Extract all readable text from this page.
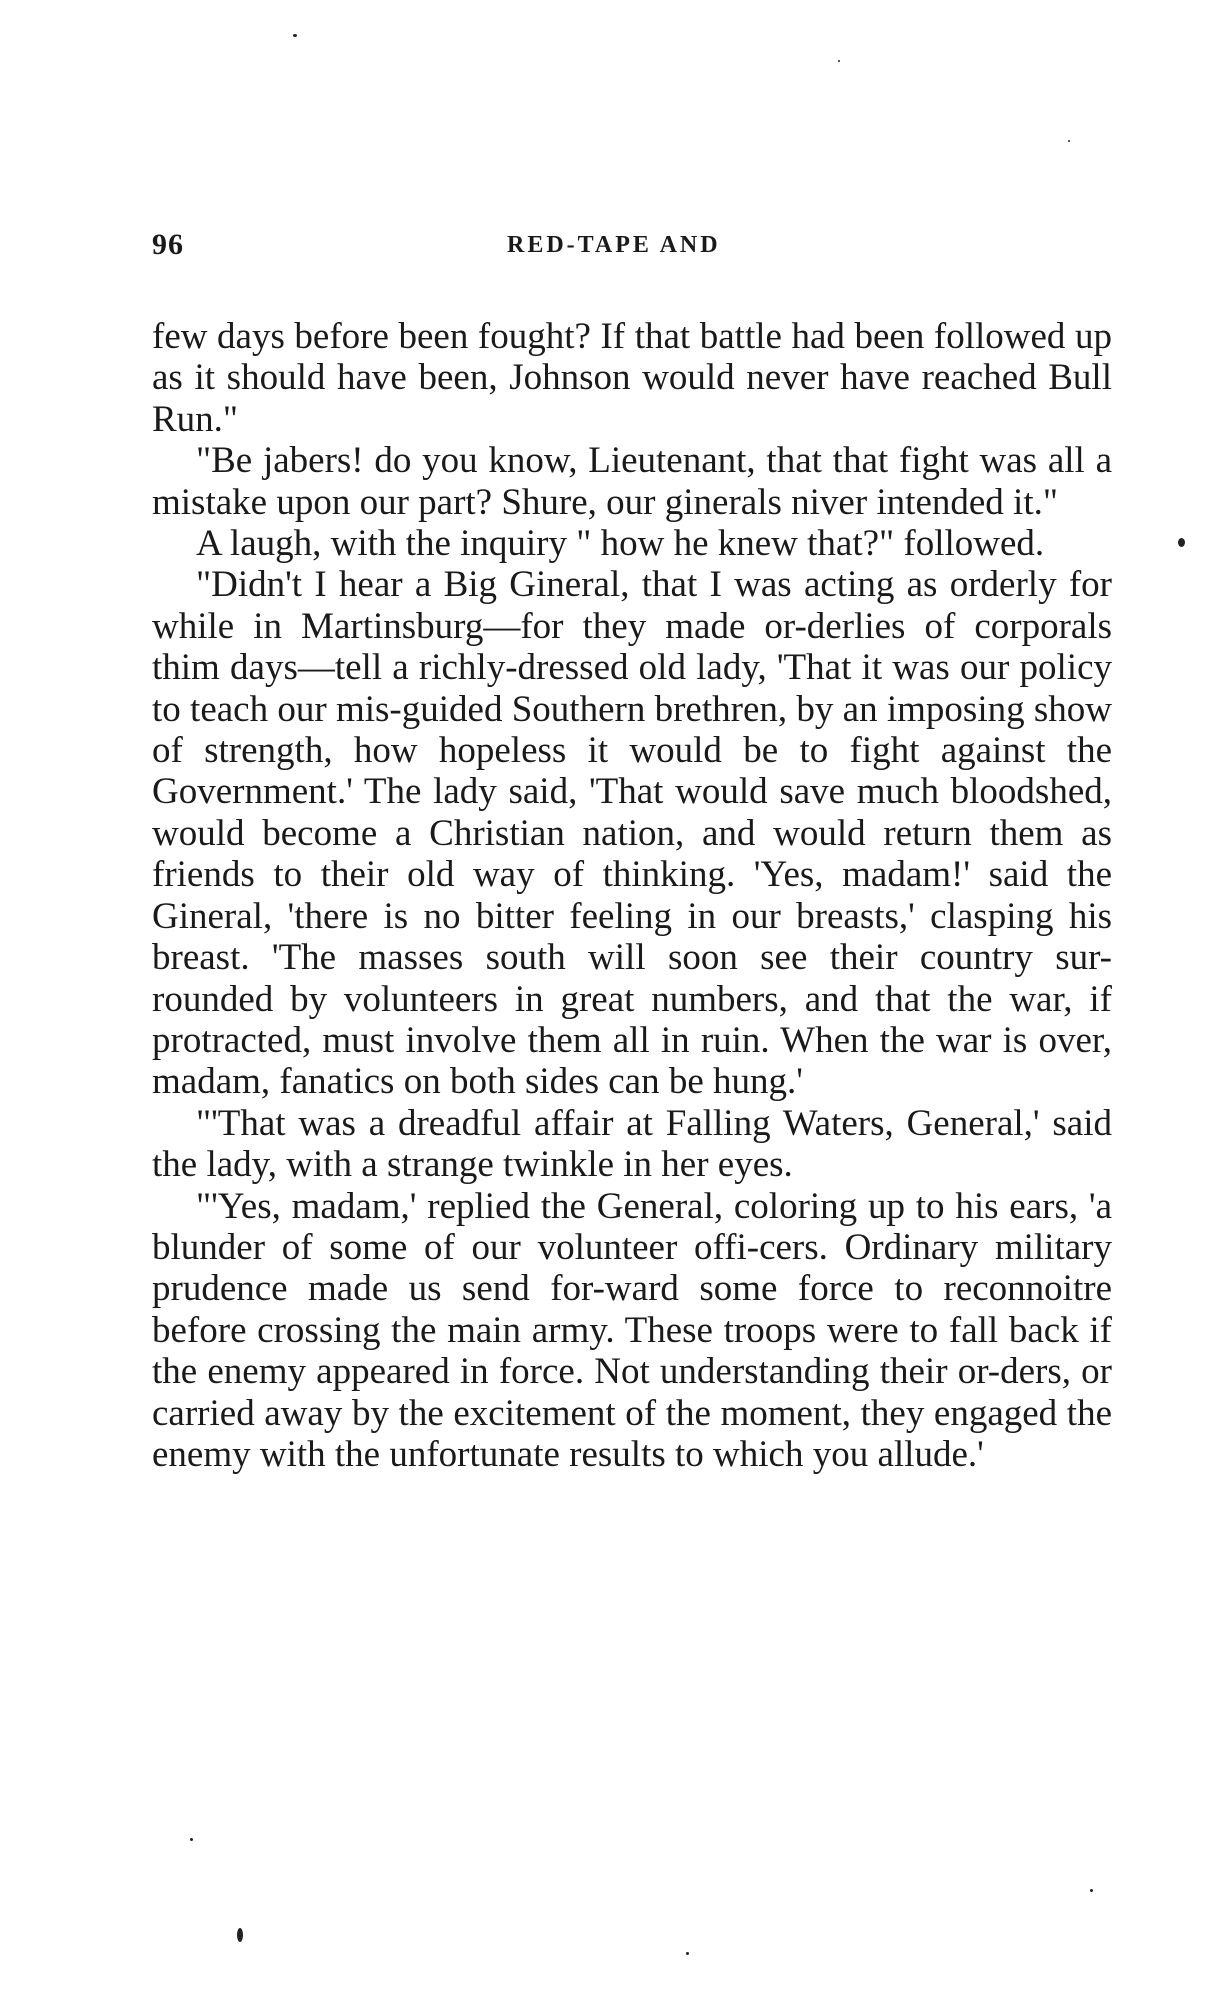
96	RED-TAPE AND

few days before been fought? If that battle had been followed up as it should have been, Johnson would never have reached Bull Run."

"Be jabers! do you know, Lieutenant, that that fight was all a mistake upon our part? Shure, our ginerals niver intended it."

A laugh, with the inquiry " how he knew that?" followed.

"Didn't I hear a Big Gineral, that I was acting as orderly for while in Martinsburg—for they made or-derlies of corporals thim days—tell a richly-dressed old lady, 'That it was our policy to teach our mis-guided Southern brethren, by an imposing show of strength, how hopeless it would be to fight against the Government.' The lady said, 'That would save much bloodshed, would become a Christian nation, and would return them as friends to their old way of thinking. 'Yes, madam!' said the Gineral, 'there is no bitter feeling in our breasts,' clasping his breast. 'The masses south will soon see their country sur-rounded by volunteers in great numbers, and that the war, if protracted, must involve them all in ruin. When the war is over, madam, fanatics on both sides can be hung.'

"'That was a dreadful affair at Falling Waters, General,' said the lady, with a strange twinkle in her eyes.

"'Yes, madam,' replied the General, coloring up to his ears, 'a blunder of some of our volunteer offi-cers. Ordinary military prudence made us send for-ward some force to reconnoitre before crossing the main army. These troops were to fall back if the enemy appeared in force. Not understanding their or-ders, or carried away by the excitement of the moment, they engaged the enemy with the unfortunate results to which you allude.'
